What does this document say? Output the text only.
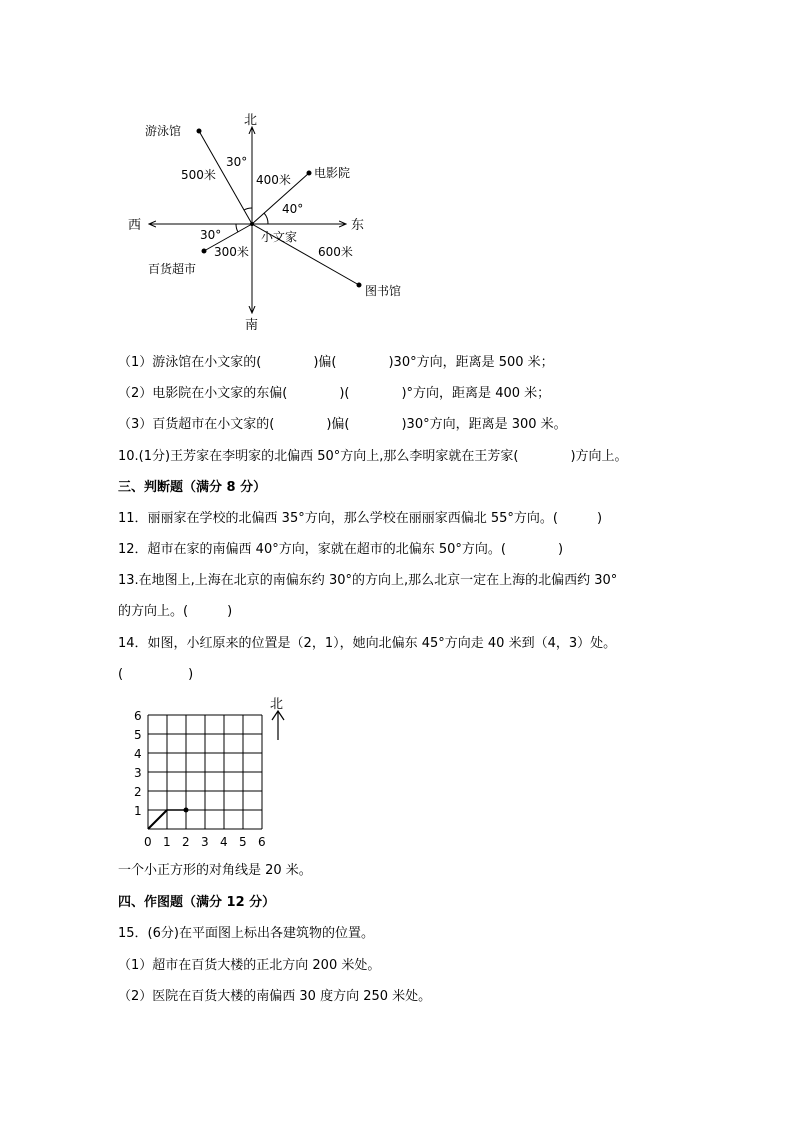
北
南
东
西
小文家
游泳馆
500米
30°
电影院
400米
40°
百货超市
300米
30°
图书馆
600米
（1）游泳馆在小文家的(　　　　)偏(　　　　)30°方向，距离是 500 米；
（2）电影院在小文家的东偏(　　　　)(　　　　)°方向，距离是 400 米；
（3）百货超市在小文家的(　　　　)偏(　　　　)30°方向，距离是 300 米。
10.(1分)王芳家在李明家的北偏西 50°方向上,那么李明家就在王芳家(　　　　)方向上。
三、判断题（满分 8 分）
11．丽丽家在学校的北偏西 35°方向，那么学校在丽丽家西偏北 55°方向。(　　　)
12．超市在家的南偏西 40°方向，家就在超市的北偏东 50°方向。(　　　　)
13.在地图上,上海在北京的南偏东约 30°的方向上,那么北京一定在上海的北偏西约 30°
的方向上。(　　　)
14．如图，小红原来的位置是（2，1），她向北偏东 45°方向走 40 米到（4，3）处。
(　　　　　)
0 1 2 3 4 5 6
1
2
3
4
5
6
北
一个小正方形的对角线是 20 米。
四、作图题（满分 12 分）
15．(6分)在平面图上标出各建筑物的位置。
（1）超市在百货大楼的正北方向 200 米处。
（2）医院在百货大楼的南偏西 30 度方向 250 米处。
